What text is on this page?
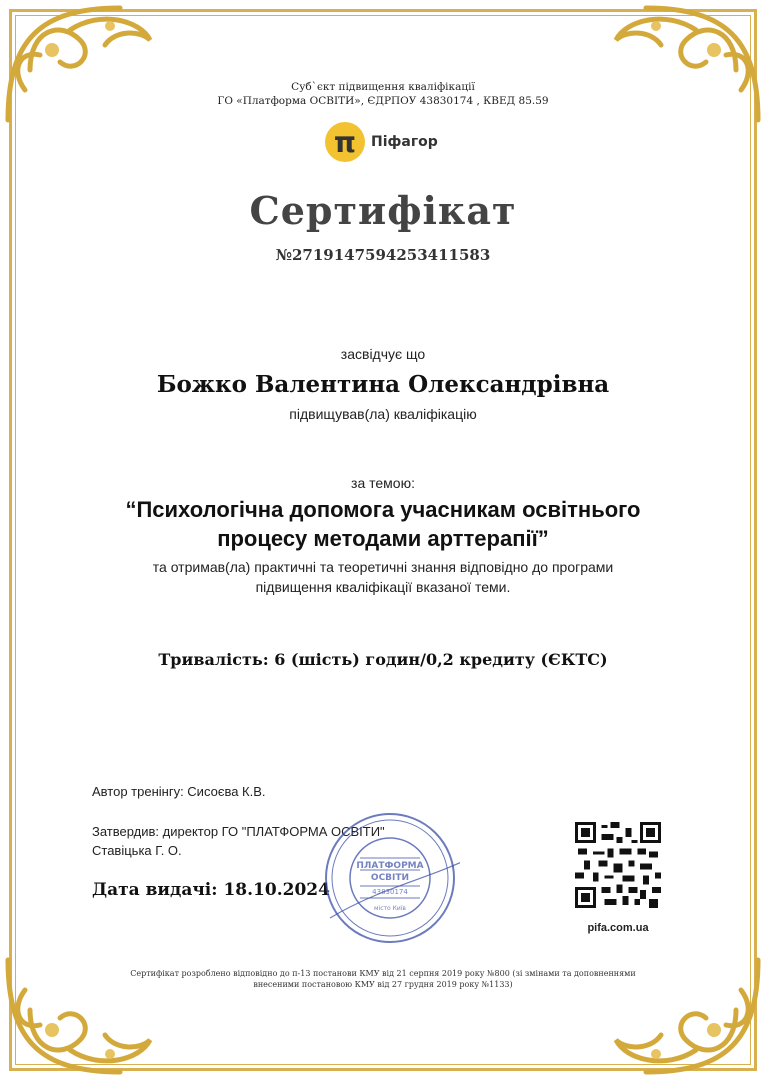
Суб`єкт підвищення кваліфікації
ГО «Платформа ОСВІТИ», ЄДРПОУ 43830174 , КВЕД 85.59
π	Піфагор
Сертифікат
№2719147594253411583
засвідчує що
Божко Валентина Олександрівна
підвищував(ла) кваліфікацію
за темою:
“Психологічна допомога учасникам освітнього
процесу методами арттерапії”
та отримав(ла) практичні та теоретичні знання відповідно до програми
підвищення кваліфікації вказаної теми.
Тривалість: 6 (шість) годин/0,2 кредиту (ЄКТС)
Автор тренінгу: Сисоєва К.В.
Затвердив: директор ГО "ПЛАТФОРМА ОСВІТИ"
Ставіцька Г. О.
Дата видачі: 18.10.2024
ПЛАТФОРМА
ОСВІТИ
43830174
місто Київ
pifa.com.ua
Сертифікат розроблено відповідно до п-13 постанови КМУ від 21 серпня 2019 року №800 (зі змінами та доповненнями
внесеними постановою КМУ від 27 грудня 2019 року №1133)
